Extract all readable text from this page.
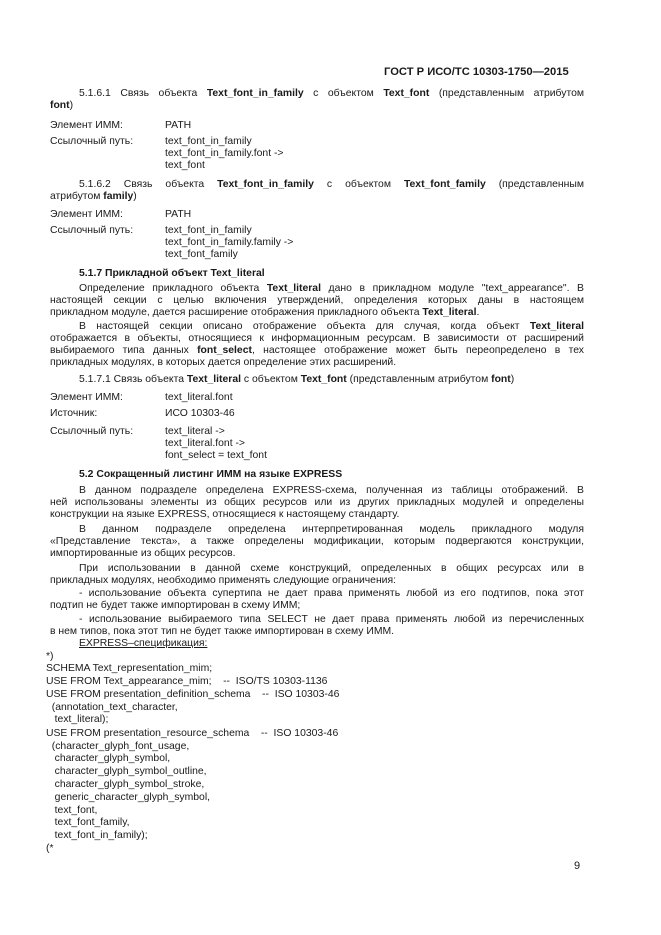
ГОСТ Р ИСО/ТС 10303-1750—2015
5.1.6.1 Связь объекта Text_font_in_family с объектом Text_font (представленным атрибутом
font)
Элемент ИММ:	PATH
Ссылочный путь:	text_font_in_family
text_font_in_family.font ->
text_font
5.1.6.2 Связь объекта Text_font_in_family с объектом Text_font_family (представленным
атрибутом family)
Элемент ИММ:	PATH
Ссылочный путь:	text_font_in_family
text_font_in_family.family ->
text_font_family
5.1.7 Прикладной объект Text_literal
Определение прикладного объекта Text_literal дано в прикладном модуле "text_appearance". В
настоящей секции с целью включения утверждений, определения которых даны в настоящем
прикладном модуле, дается расширение отображения прикладного объекта Text_literal.
В настоящей секции описано отображение объекта для случая, когда объект Text_literal
отображается в объекты, относящиеся к информационным ресурсам. В зависимости от расширений
выбираемого типа данных font_select, настоящее отображение может быть переопределено в тех
прикладных модулях, в которых дается определение этих расширений.
5.1.7.1 Связь объекта Text_literal с объектом Text_font (представленным атрибутом font)
Элемент ИММ:	text_literal.font
Источник:	ИСО 10303-46
Ссылочный путь:	text_literal ->
text_literal.font ->
font_select = text_font
5.2 Сокращенный листинг ИММ на языке EXPRESS
В данном подразделе определена EXPRESS-схема, полученная из таблицы отображений. В
ней использованы элементы из общих ресурсов или из других прикладных модулей и определены
конструкции на языке EXPRESS, относящиеся к настоящему стандарту.
В данном подразделе определена интерпретированная модель прикладного модуля
«Представление текста», а также определены модификации, которым подвергаются конструкции,
импортированные из общих ресурсов.
При использовании в данной схеме конструкций, определенных в общих ресурсах или в
прикладных модулях, необходимо применять следующие ограничения:
- использование объекта супертипа не дает права применять любой из его подтипов, пока этот
подтип не будет также импортирован в схему ИММ;
- использование выбираемого типа SELECT не дает права применять любой из перечисленных
в нем типов, пока этот тип не будет также импортирован в схему ИММ.
EXPRESS–спецификация:
*)
SCHEMA Text_representation_mim;
USE FROM Text_appearance_mim;    --  ISO/TS 10303-1136
USE FROM presentation_definition_schema    --  ISO 10303-46
(annotation_text_character,
text_literal);
USE FROM presentation_resource_schema    --  ISO 10303-46
(character_glyph_font_usage,
character_glyph_symbol,
character_glyph_symbol_outline,
character_glyph_symbol_stroke,
generic_character_glyph_symbol,
text_font,
text_font_family,
text_font_in_family);
(*
9
